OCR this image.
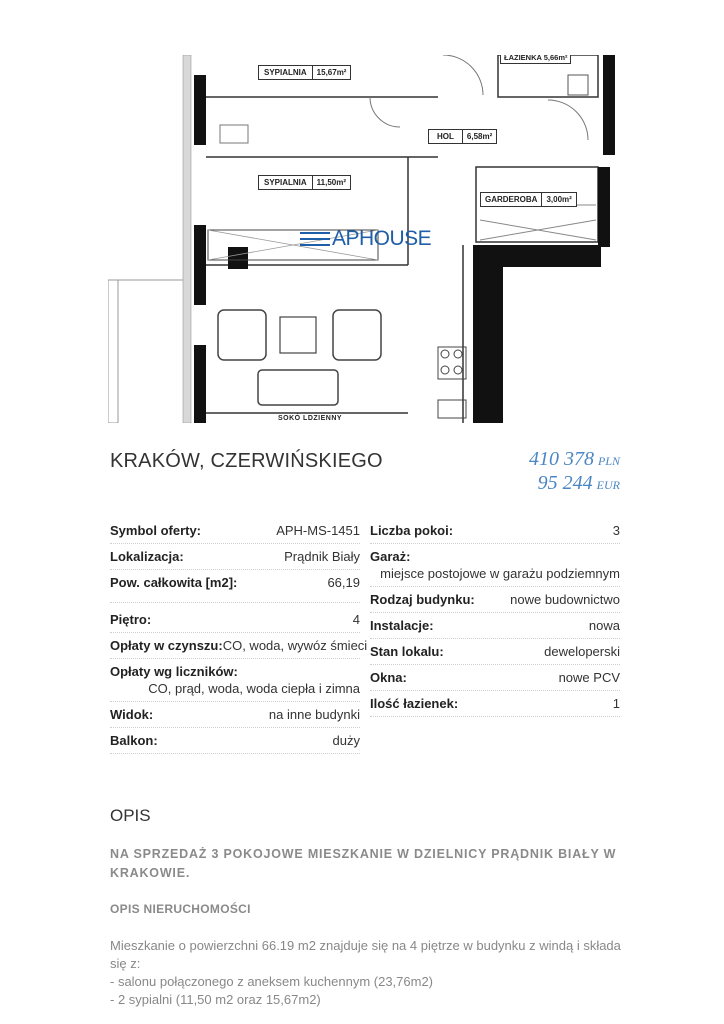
ŁAZIENKA 5,66m²
SYPIALNIA	15,67m²
HOL	6,58m²
SYPIALNIA	11,50m²
GARDEROBA	3,00m²
SOKÓ LDZIENNY
APHOUSE
KRAKÓW, CZERWIŃSKIEGO	410 378 PLN
95 244 EUR
Symbol oferty:	APH-MS-1451
Lokalizacja:	Prądnik Biały
Pow. całkowita [m2]:	66,19
Piętro:	4
Opłaty w czynszu: CO, woda, wywóz śmieci
Opłaty wg liczników:
CO, prąd, woda, woda ciepła i zimna
Widok:	na inne budynki
Balkon:	duży
Liczba pokoi:	3
Garaż:
miejsce postojowe w garażu podziemnym
Rodzaj budynku:	nowe budownictwo
Instalacje:	nowa
Stan lokalu:	deweloperski
Okna:	nowe PCV
Ilość łazienek:	1
OPIS
NA SPRZEDAŻ 3 POKOJOWE MIESZKANIE W DZIELNICY PRĄDNIK BIAŁY W KRAKOWIE.
OPIS NIERUCHOMOŚCI
Mieszkanie o powierzchni 66.19 m2 znajduje się na 4 piętrze w budynku z windą i składa się z:
- salonu połączonego z aneksem kuchennym (23,76m2)
- 2 sypialni (11,50 m2 oraz 15,67m2)
